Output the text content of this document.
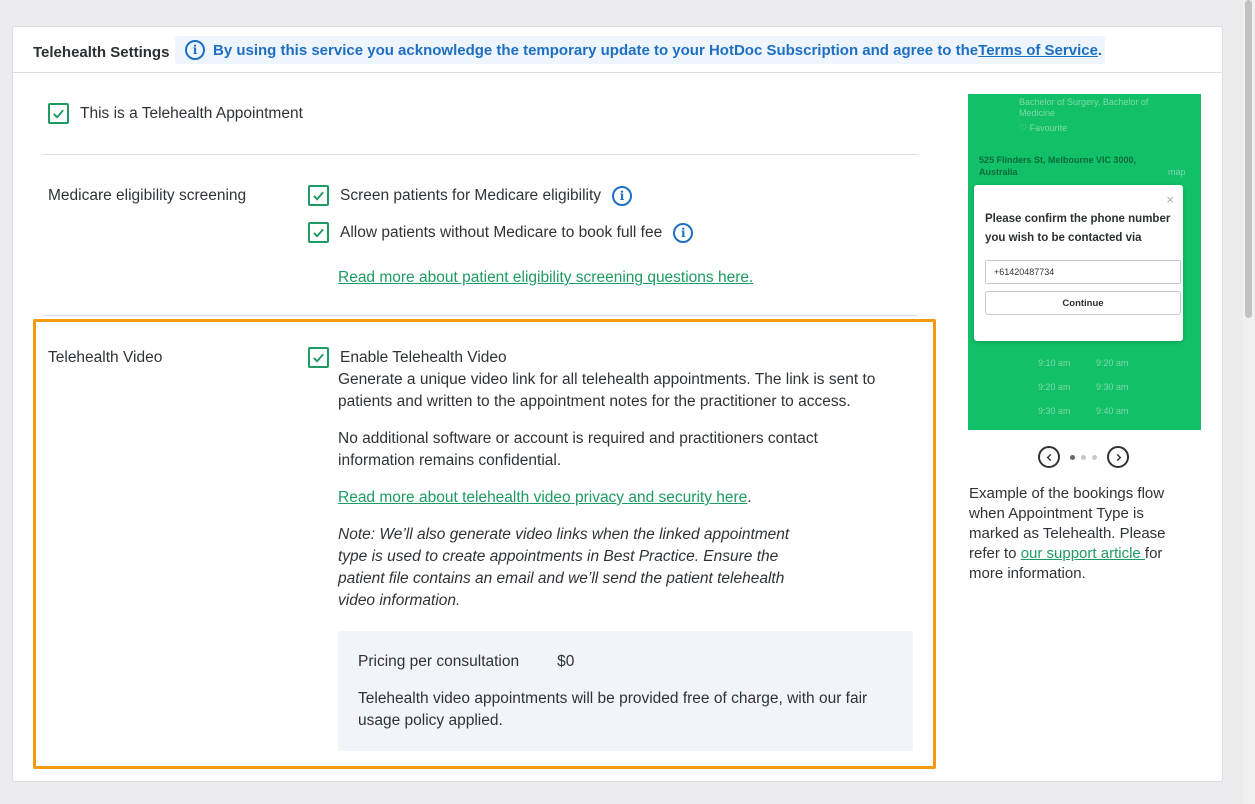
Telehealth Settings	i	By using this service you acknowledge the temporary update to your HotDoc Subscription and agree to the Terms of Service .
This is a Telehealth Appointment
Medicare eligibility screening	Screen patients for Medicare eligibility	i
Allow patients without Medicare to book full fee	i
Read more about patient eligibility screening questions here.
Telehealth Video	Enable Telehealth Video

Generate a unique video link for all telehealth appointments. The link is sent to patients and written to the appointment notes for the practitioner to access.

No additional software or account is required and practitioners contact information remains confidential.

Read more about telehealth video privacy and security here.

Note: We’ll also generate video links when the linked appointment type is used to create appointments in Best Practice. Ensure the patient file contains an email and we’ll send the patient telehealth video information.

Pricing per consultation $0

Telehealth video appointments will be provided free of charge, with our fair usage policy applied.

Bachelor of Surgery, Bachelor of
Medicine
♡ Favourite
525 Flinders St, Melbourne VIC 3000,
Australia	map
9:10 am	9:20 am
9:20 am	9:30 am
9:30 am	9:40 am
×
Please confirm the phone number you wish to be contacted via
+61420487734
Continue
Example of the bookings flow when Appointment Type is marked as Telehealth. Please refer to our support article for more information.
